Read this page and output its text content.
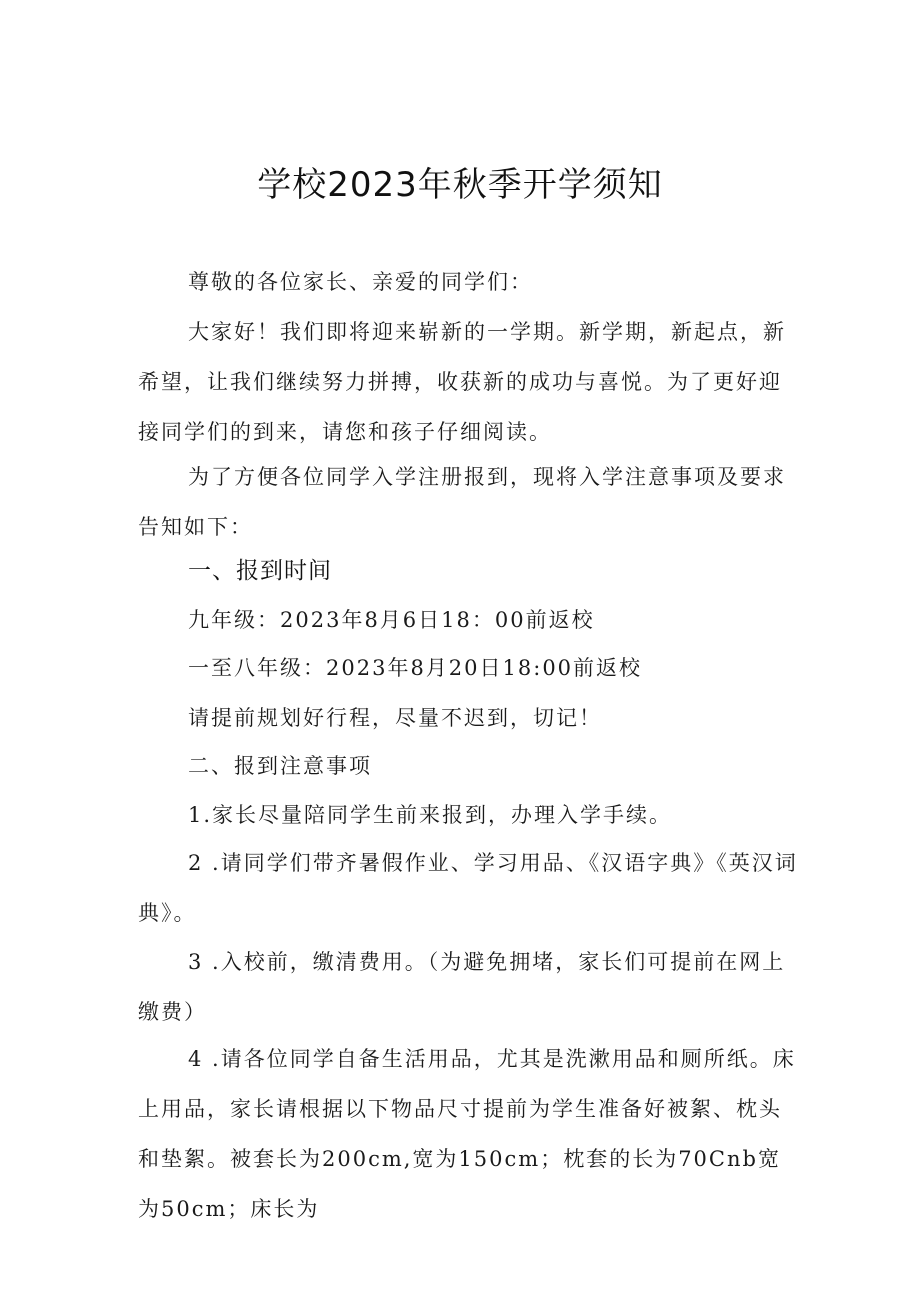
学校2023年秋季开学须知
尊敬的各位家长、亲爱的同学们：
大家好！我们即将迎来崭新的一学期。新学期，新起点，新希望，让我们继续努力拼搏，收获新的成功与喜悦。为了更好迎接同学们的到来，请您和孩子仔细阅读。
为了方便各位同学入学注册报到，现将入学注意事项及要求告知如下：
一、报到时间
九年级：2023年8月6日18：00前返校
一至八年级：2023年8月20日18:00前返校
请提前规划好行程，尽量不迟到，切记！
二、报到注意事项
1.家长尽量陪同学生前来报到，办理入学手续。
2 .请同学们带齐暑假作业、学习用品、《汉语字典》《英汉词典》。
3 .入校前，缴清费用。（为避免拥堵，家长们可提前在网上缴费）
4 .请各位同学自备生活用品，尤其是洗漱用品和厕所纸。床上用品，家长请根据以下物品尺寸提前为学生准备好被絮、枕头和垫絮。被套长为200cm,宽为150cm；枕套的长为70Cnb宽为50cm；床长为
